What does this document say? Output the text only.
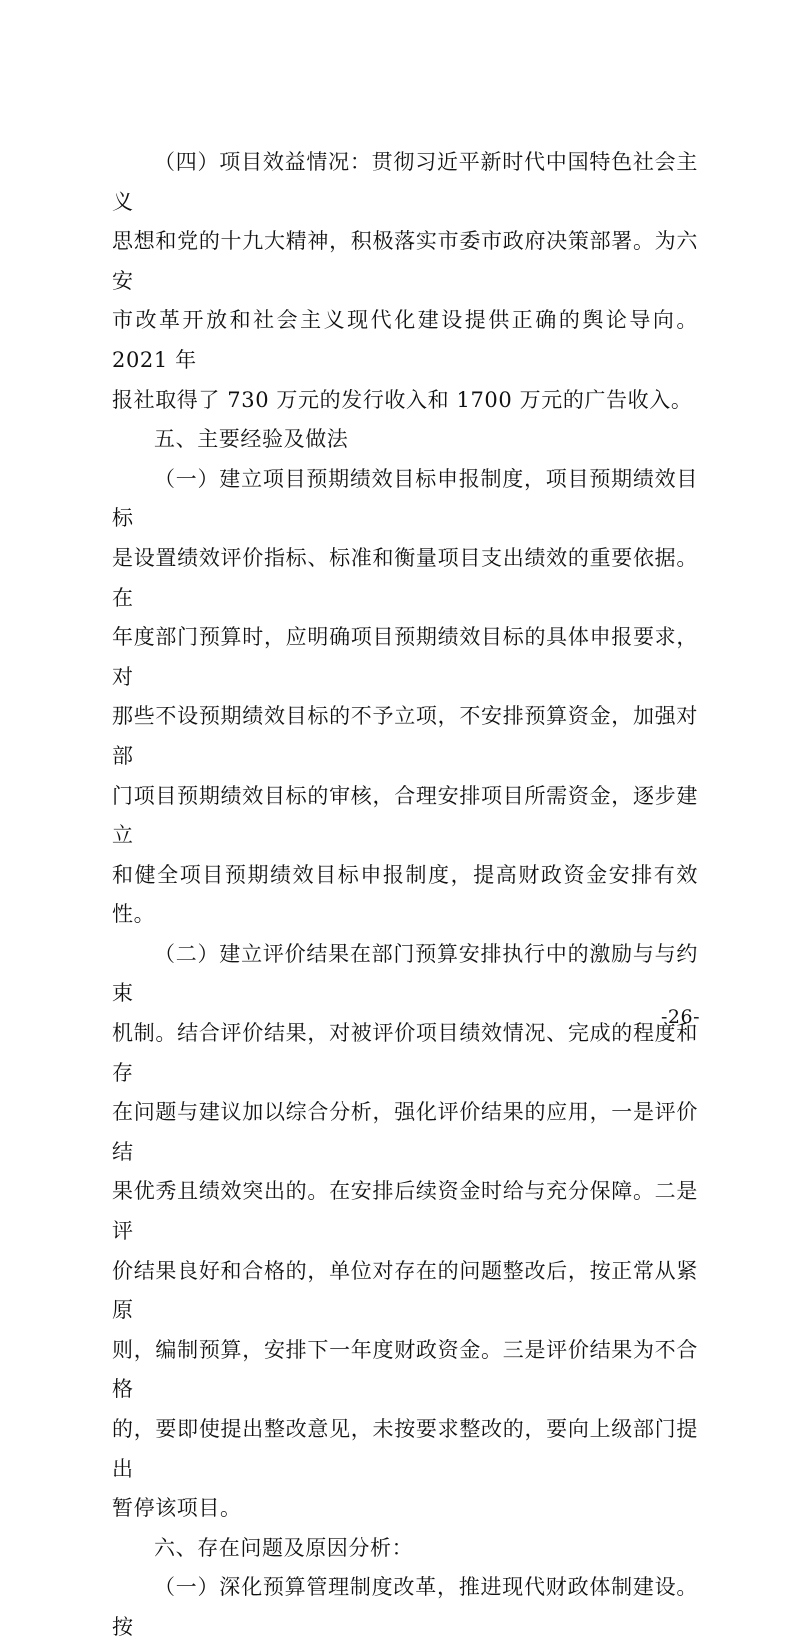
（四）项目效益情况：贯彻习近平新时代中国特色社会主义
思想和党的十九大精神，积极落实市委市政府决策部署。为六安
市改革开放和社会主义现代化建设提供正确的舆论导向。2021 年
报社取得了 730 万元的发行收入和 1700 万元的广告收入。

五、主要经验及做法

（一）建立项目预期绩效目标申报制度，项目预期绩效目标
是设置绩效评价指标、标准和衡量项目支出绩效的重要依据。在
年度部门预算时，应明确项目预期绩效目标的具体申报要求，对
那些不设预期绩效目标的不予立项，不安排预算资金，加强对部
门项目预期绩效目标的审核，合理安排项目所需资金，逐步建立
和健全项目预期绩效目标申报制度，提高财政资金安排有效性。

（二）建立评价结果在部门预算安排执行中的激励与与约束
机制。结合评价结果，对被评价项目绩效情况、完成的程度和存
在问题与建议加以综合分析，强化评价结果的应用，一是评价结
果优秀且绩效突出的。在安排后续资金时给与充分保障。二是评
价结果良好和合格的，单位对存在的问题整改后，按正常从紧原
则，编制预算，安排下一年度财政资金。三是评价结果为不合格
的，要即使提出整改意见，未按要求整改的，要向上级部门提出
暂停该项目。

六、存在问题及原因分析：

（一）深化预算管理制度改革，推进现代财政体制建设。按

-26-
